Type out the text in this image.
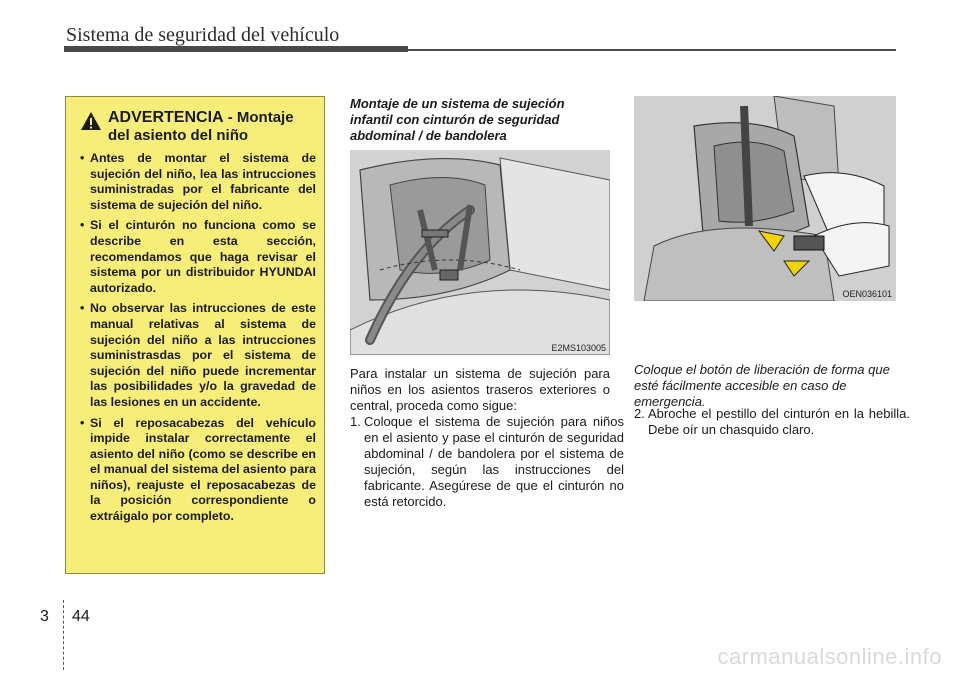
Sistema de seguridad del vehículo
ADVERTENCIA - Montaje del asiento del niño
• Antes de montar el sistema de sujeción del niño, lea las intrucciones suministradas por el fabricante del sistema de sujeción del niño.
• Si el cinturón no funciona como se describe en esta sección, recomendamos que haga revisar el sistema por un distribuidor HYUNDAI autorizado.
• No observar las intrucciones de este manual relativas al sistema de sujeción del niño a las intrucciones suministrasdas por el sistema de sujeción del niño puede incrementar las posibilidades y/o la gravedad de las lesiones en un accidente.
• Si el reposacabezas del vehículo impide instalar correctamente el asiento del niño (como se describe en el manual del sistema del asiento para niños), reajuste el reposacabezas de la posición correspondiente o extráigalo por completo.
Montaje de un sistema de sujeción infantil con cinturón de seguridad abdominal / de bandolera
E2MS103005
Para instalar un sistema de sujeción para niños en los asientos traseros exteriores o central, proceda como sigue:
1. Coloque el sistema de sujeción para niños en el asiento y pase el cinturón de seguridad abdominal / de bandolera por el sistema de sujeción, según las instrucciones del fabricante. Asegúrese de que el cinturón no está retorcido.
OEN036101
2. Abroche el pestillo del cinturón en la hebilla. Debe oír un chasquido claro.
Coloque el botón de liberación de forma que esté fácilmente accesible en caso de emergencia.
3 44
carmanualsonline.info
